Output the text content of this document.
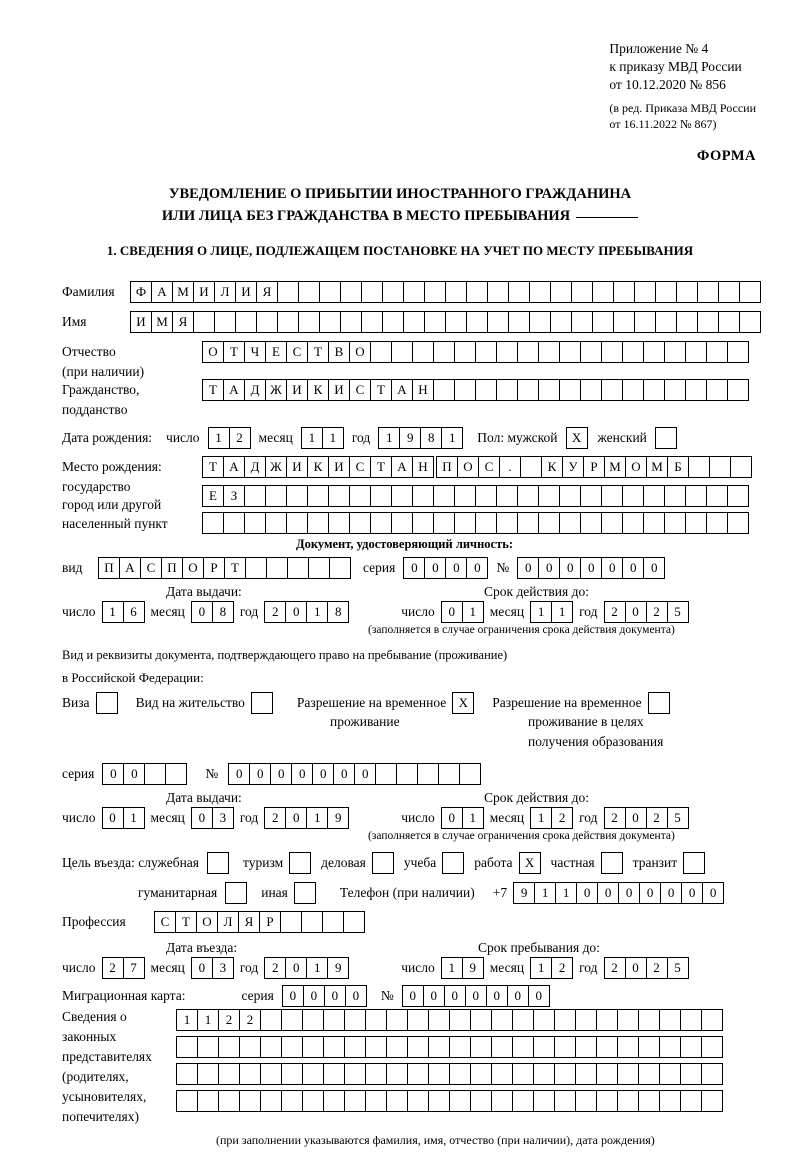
Приложение № 4
к приказу МВД России
от 10.12.2020 № 856
(в ред. Приказа МВД России
от 16.11.2022 № 867)
ФОРМА
УВЕДОМЛЕНИЕ О ПРИБЫТИИ ИНОСТРАННОГО ГРАЖДАНИНА
ИЛИ ЛИЦА БЕЗ ГРАЖДАНСТВА В МЕСТО ПРЕБЫВАНИЯ
1. СВЕДЕНИЯ О ЛИЦЕ, ПОДЛЕЖАЩЕМ ПОСТАНОВКЕ НА УЧЕТ ПО МЕСТУ ПРЕБЫВАНИЯ
Фамилия	Ф А М И Л И Я
Имя	И М Я
Отчество	О Т Ч Е С Т В О
(при наличии)
Гражданство,	Т А Д Ж И К И С Т А Н
подданство
Дата рождения: число	1	2	месяц	1	1	год	1	9	8	1	Пол: мужской	X	женский
Место рождения:	Т А Д Ж И К И С Т А Н	П О С	.	К У Р М О М Б
государство
Е	З
город или другой
населенный пункт
Документ, удостоверяющий личность:
вид	П А С П О Р	Т	серия	0	0	0	0	№	0	0	0	0	0	0	0
Дата выдачи:	Срок действия до:
число	1	6	месяц	0	8	год	2	0	1	8	число	0	1	месяц	1	1	год	2	0	2	5
(заполняется в случае ограничения срока действия документа)
Вид и реквизиты документа, подтверждающего право на пребывание (проживание)
в Российской Федерации:
Виза	Вид на жительство	Разрешение на временное X	Разрешение на временное
проживание	проживание в целях
получения образования
серия	0	0	№	0	0	0	0	0	0	0
Дата выдачи:	Срок действия до:
число	0	1	месяц	0	3	год	2	0	1	9	число	0	1	месяц	1	2	год	2	0	2	5
(заполняется в случае ограничения срока действия документа)
Цель въезда: служебная	туризм	деловая	учеба	работа X	частная	транзит
гуманитарная	иная	Телефон (при наличии) +7	9	1	1	0	0	0	0	0	0	0
Профессия	С Т О Л Я	Р
Дата въезда:	Срок пребывания до:
число	2	7	месяц	0	3	год	2	0	1	9	число	1	9	месяц	1	2	год	2	0	2	5
Миграционная карта:	серия	0	0	0	0	№	0	0	0	0	0	0	0
Сведения о
законных
представителях
(родителях,
усыновителях,
попечителях)
1	1	2	2
(при заполнении указываются фамилия, имя, отчество (при наличии), дата рождения)
